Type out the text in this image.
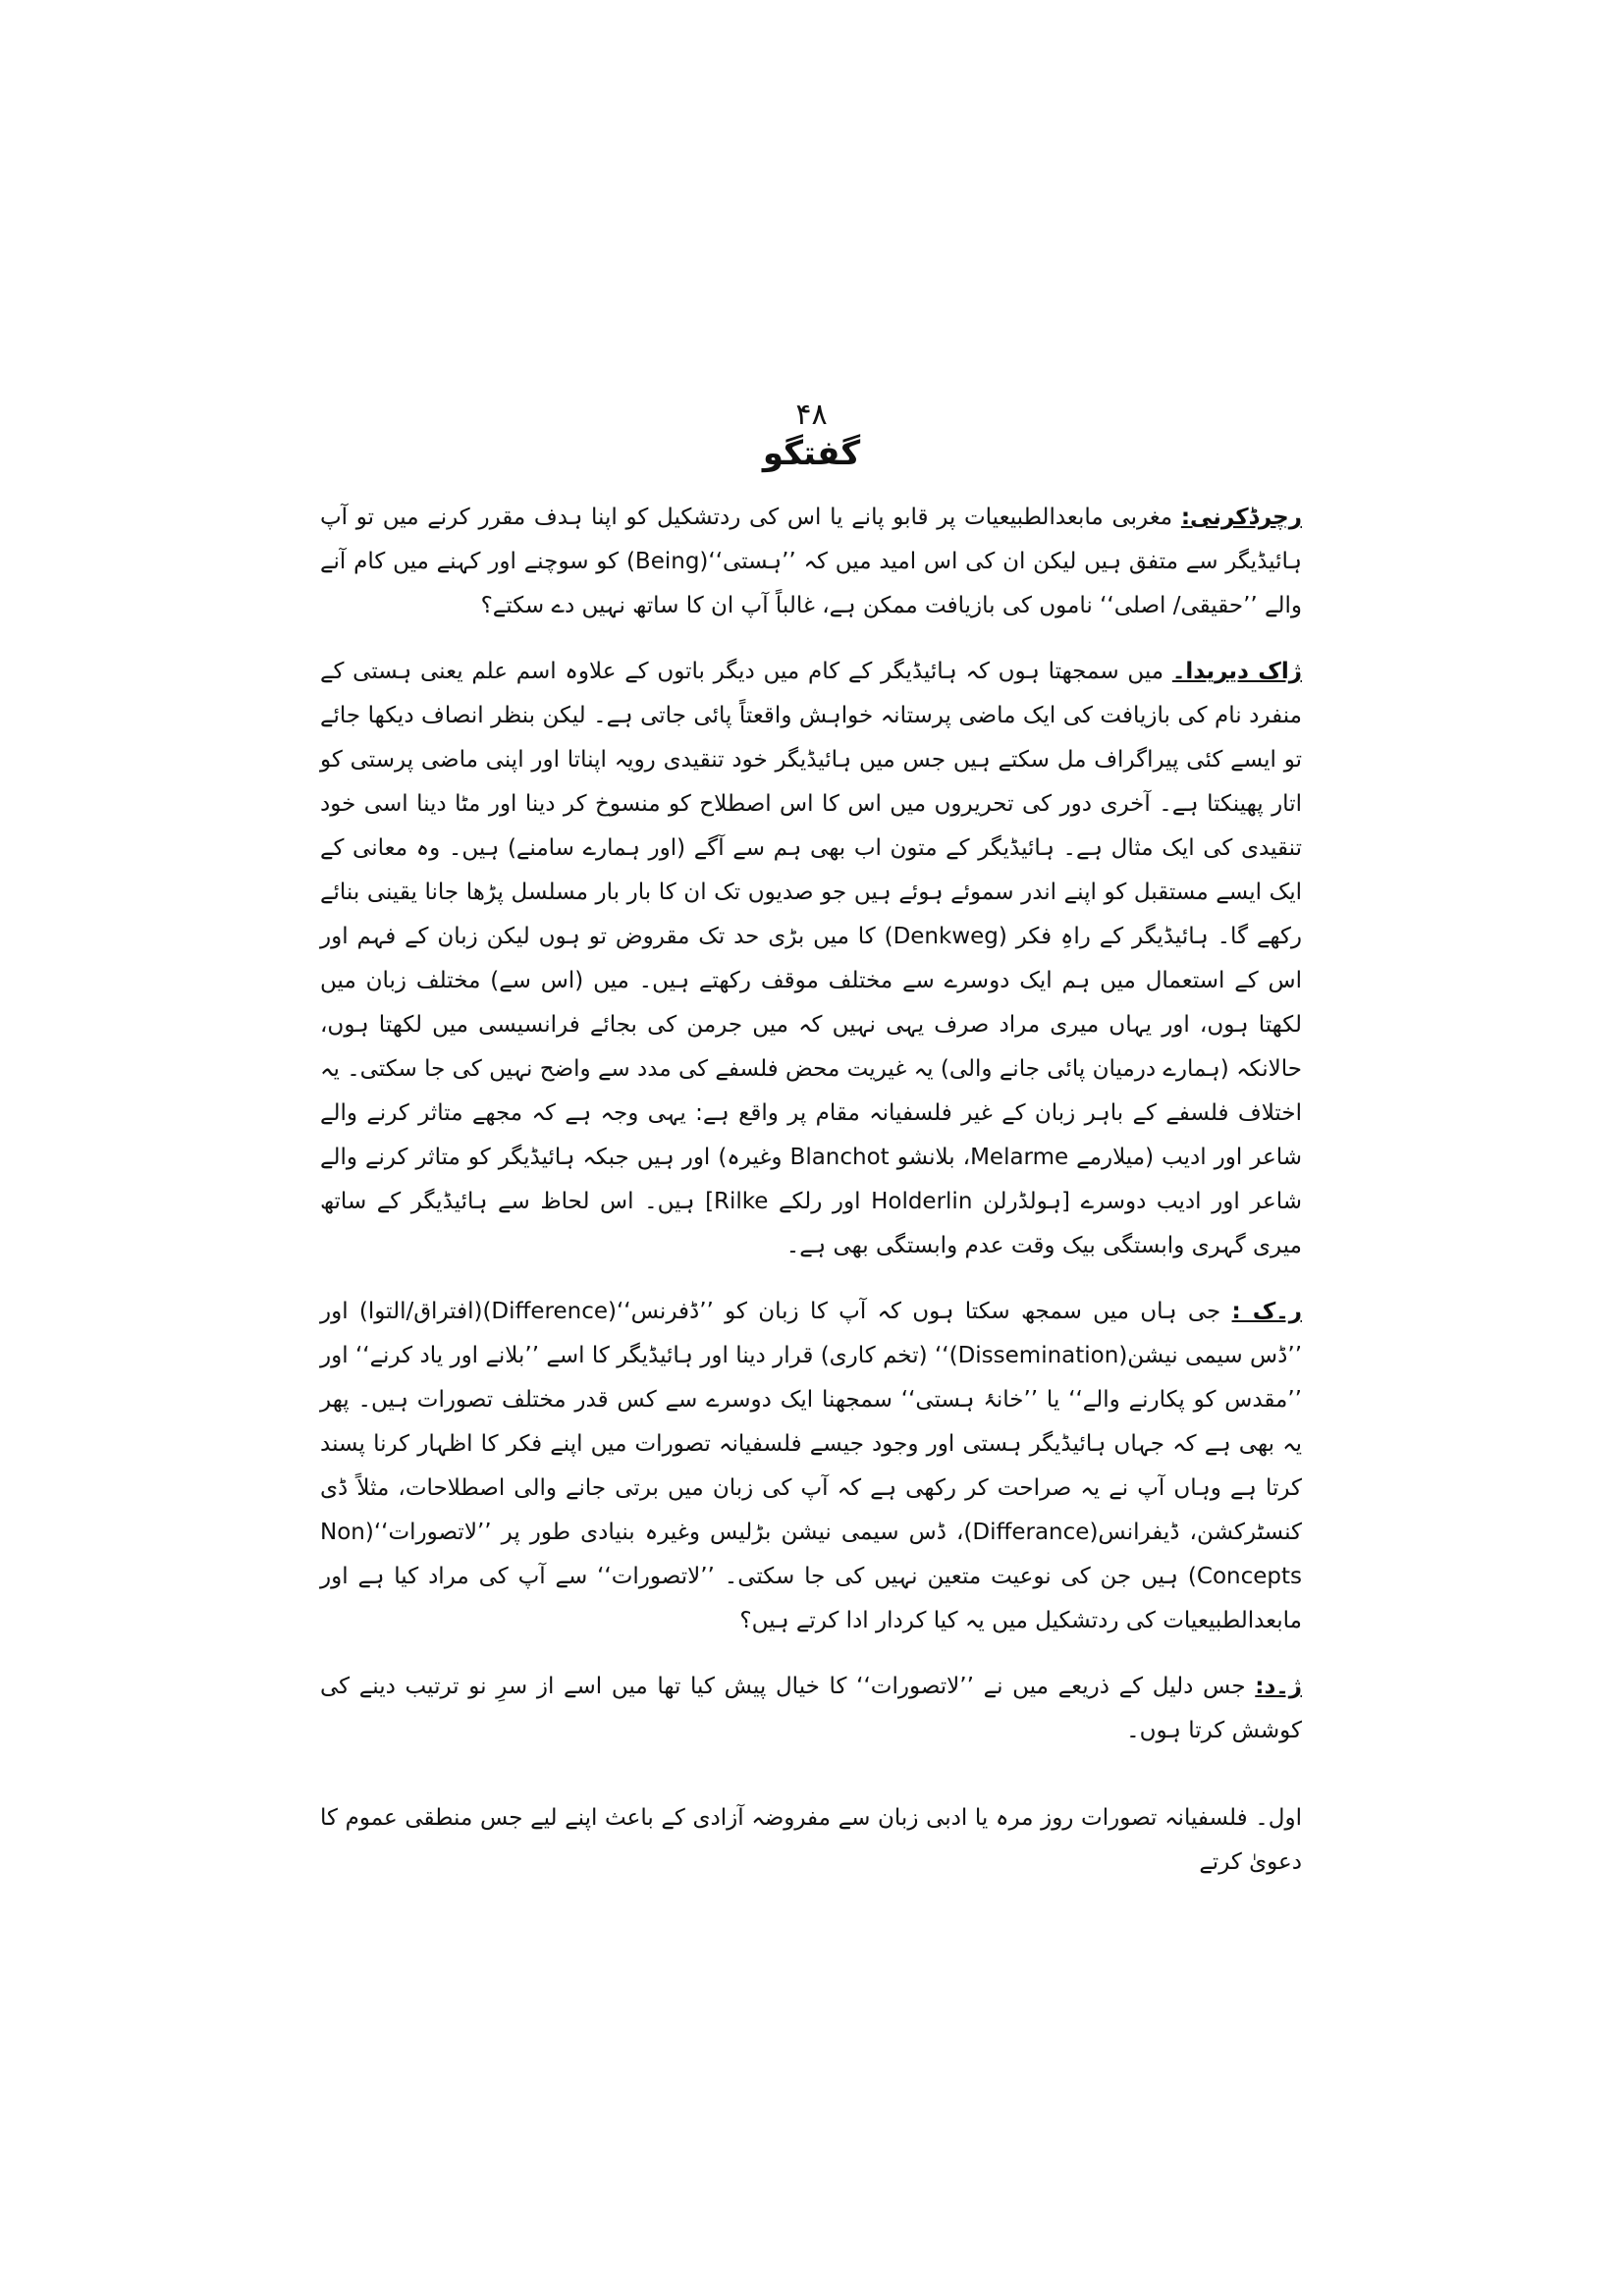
۴۸
گفتگو

رچرڈکرنی: مغربی مابعدالطبیعیات پر قابو پانے یا اس کی ردتشکیل کو اپنا ہدف مقرر کرنے میں تو آپ ہائیڈیگر سے متفق ہیں لیکن ان کی اس امید میں کہ ’’ہستی‘‘(Being) کو سوچنے اور کہنے میں کام آنے والے ’’حقیقی/ اصلی‘‘ ناموں کی بازیافت ممکن ہے، غالباً آپ ان کا ساتھ نہیں دے سکتے؟

ژاک دیریدا۔ میں سمجھتا ہوں کہ ہائیڈیگر کے کام میں دیگر باتوں کے علاوہ اسم علم یعنی ہستی کے منفرد نام کی بازیافت کی ایک ماضی پرستانہ خواہش واقعتاً پائی جاتی ہے۔ لیکن بنظر انصاف دیکھا جائے تو ایسے کئی پیراگراف مل سکتے ہیں جس میں ہائیڈیگر خود تنقیدی رویہ اپناتا اور اپنی ماضی پرستی کو اتار پھینکتا ہے۔ آخری دور کی تحریروں میں اس کا اس اصطلاح کو منسوخ کر دینا اور مٹا دینا اسی خود تنقیدی کی ایک مثال ہے۔ ہائیڈیگر کے متون اب بھی ہم سے آگے (اور ہمارے سامنے) ہیں۔ وہ معانی کے ایک ایسے مستقبل کو اپنے اندر سموئے ہوئے ہیں جو صدیوں تک ان کا بار بار مسلسل پڑھا جانا یقینی بنائے رکھے گا۔ ہائیڈیگر کے راہِ فکر (Denkweg) کا میں بڑی حد تک مقروض تو ہوں لیکن زبان کے فہم اور اس کے استعمال میں ہم ایک دوسرے سے مختلف موقف رکھتے ہیں۔ میں (اس سے) مختلف زبان میں لکھتا ہوں، اور یہاں میری مراد صرف یہی نہیں کہ میں جرمن کی بجائے فرانسیسی میں لکھتا ہوں، حالانکہ (ہمارے درمیان پائی جانے والی) یہ غیریت محض فلسفے کی مدد سے واضح نہیں کی جا سکتی۔ یہ اختلاف فلسفے کے باہر زبان کے غیر فلسفیانہ مقام پر واقع ہے: یہی وجہ ہے کہ مجھے متاثر کرنے والے شاعر اور ادیب (میلارمے Melarme، بلانشو Blanchot وغیرہ) اور ہیں جبکہ ہائیڈیگر کو متاثر کرنے والے شاعر اور ادیب دوسرے [ہولڈرلن Holderlin اور رلکے Rilke] ہیں۔ اس لحاظ سے ہائیڈیگر کے ساتھ میری گہری وابستگی بیک وقت عدم وابستگی بھی ہے۔

ر۔ک : جی ہاں میں سمجھ سکتا ہوں کہ آپ کا زبان کو ’’ڈفرنس‘‘(Difference)(افتراق/التوا) اور ’’ڈس سیمی نیشن(Dissemination)‘‘ (تخم کاری) قرار دینا اور ہائیڈیگر کا اسے ’’بلانے اور یاد کرنے‘‘ اور ’’مقدس کو پکارنے والے‘‘ یا ’’خانۂ ہستی‘‘ سمجھنا ایک دوسرے سے کس قدر مختلف تصورات ہیں۔ پھر یہ بھی ہے کہ جہاں ہائیڈیگر ہستی اور وجود جیسے فلسفیانہ تصورات میں اپنے فکر کا اظہار کرنا پسند کرتا ہے وہاں آپ نے یہ صراحت کر رکھی ہے کہ آپ کی زبان میں برتی جانے والی اصطلاحات، مثلاً ڈی کنسٹرکشن، ڈیفرانس(Differance)، ڈس سیمی نیشن بڑلیس وغیرہ بنیادی طور پر ’’لاتصورات‘‘(Non Concepts) ہیں جن کی نوعیت متعین نہیں کی جا سکتی۔ ’’لاتصورات‘‘ سے آپ کی مراد کیا ہے اور مابعدالطبیعیات کی ردتشکیل میں یہ کیا کردار ادا کرتے ہیں؟

ژ۔د: جس دلیل کے ذریعے میں نے ’’لاتصورات‘‘ کا خیال پیش کیا تھا میں اسے از سرِ نو ترتیب دینے کی کوشش کرتا ہوں۔

اول۔ فلسفیانہ تصورات روز مرہ یا ادبی زبان سے مفروضہ آزادی کے باعث اپنے لیے جس منطقی عموم کا دعویٰ کرتے
